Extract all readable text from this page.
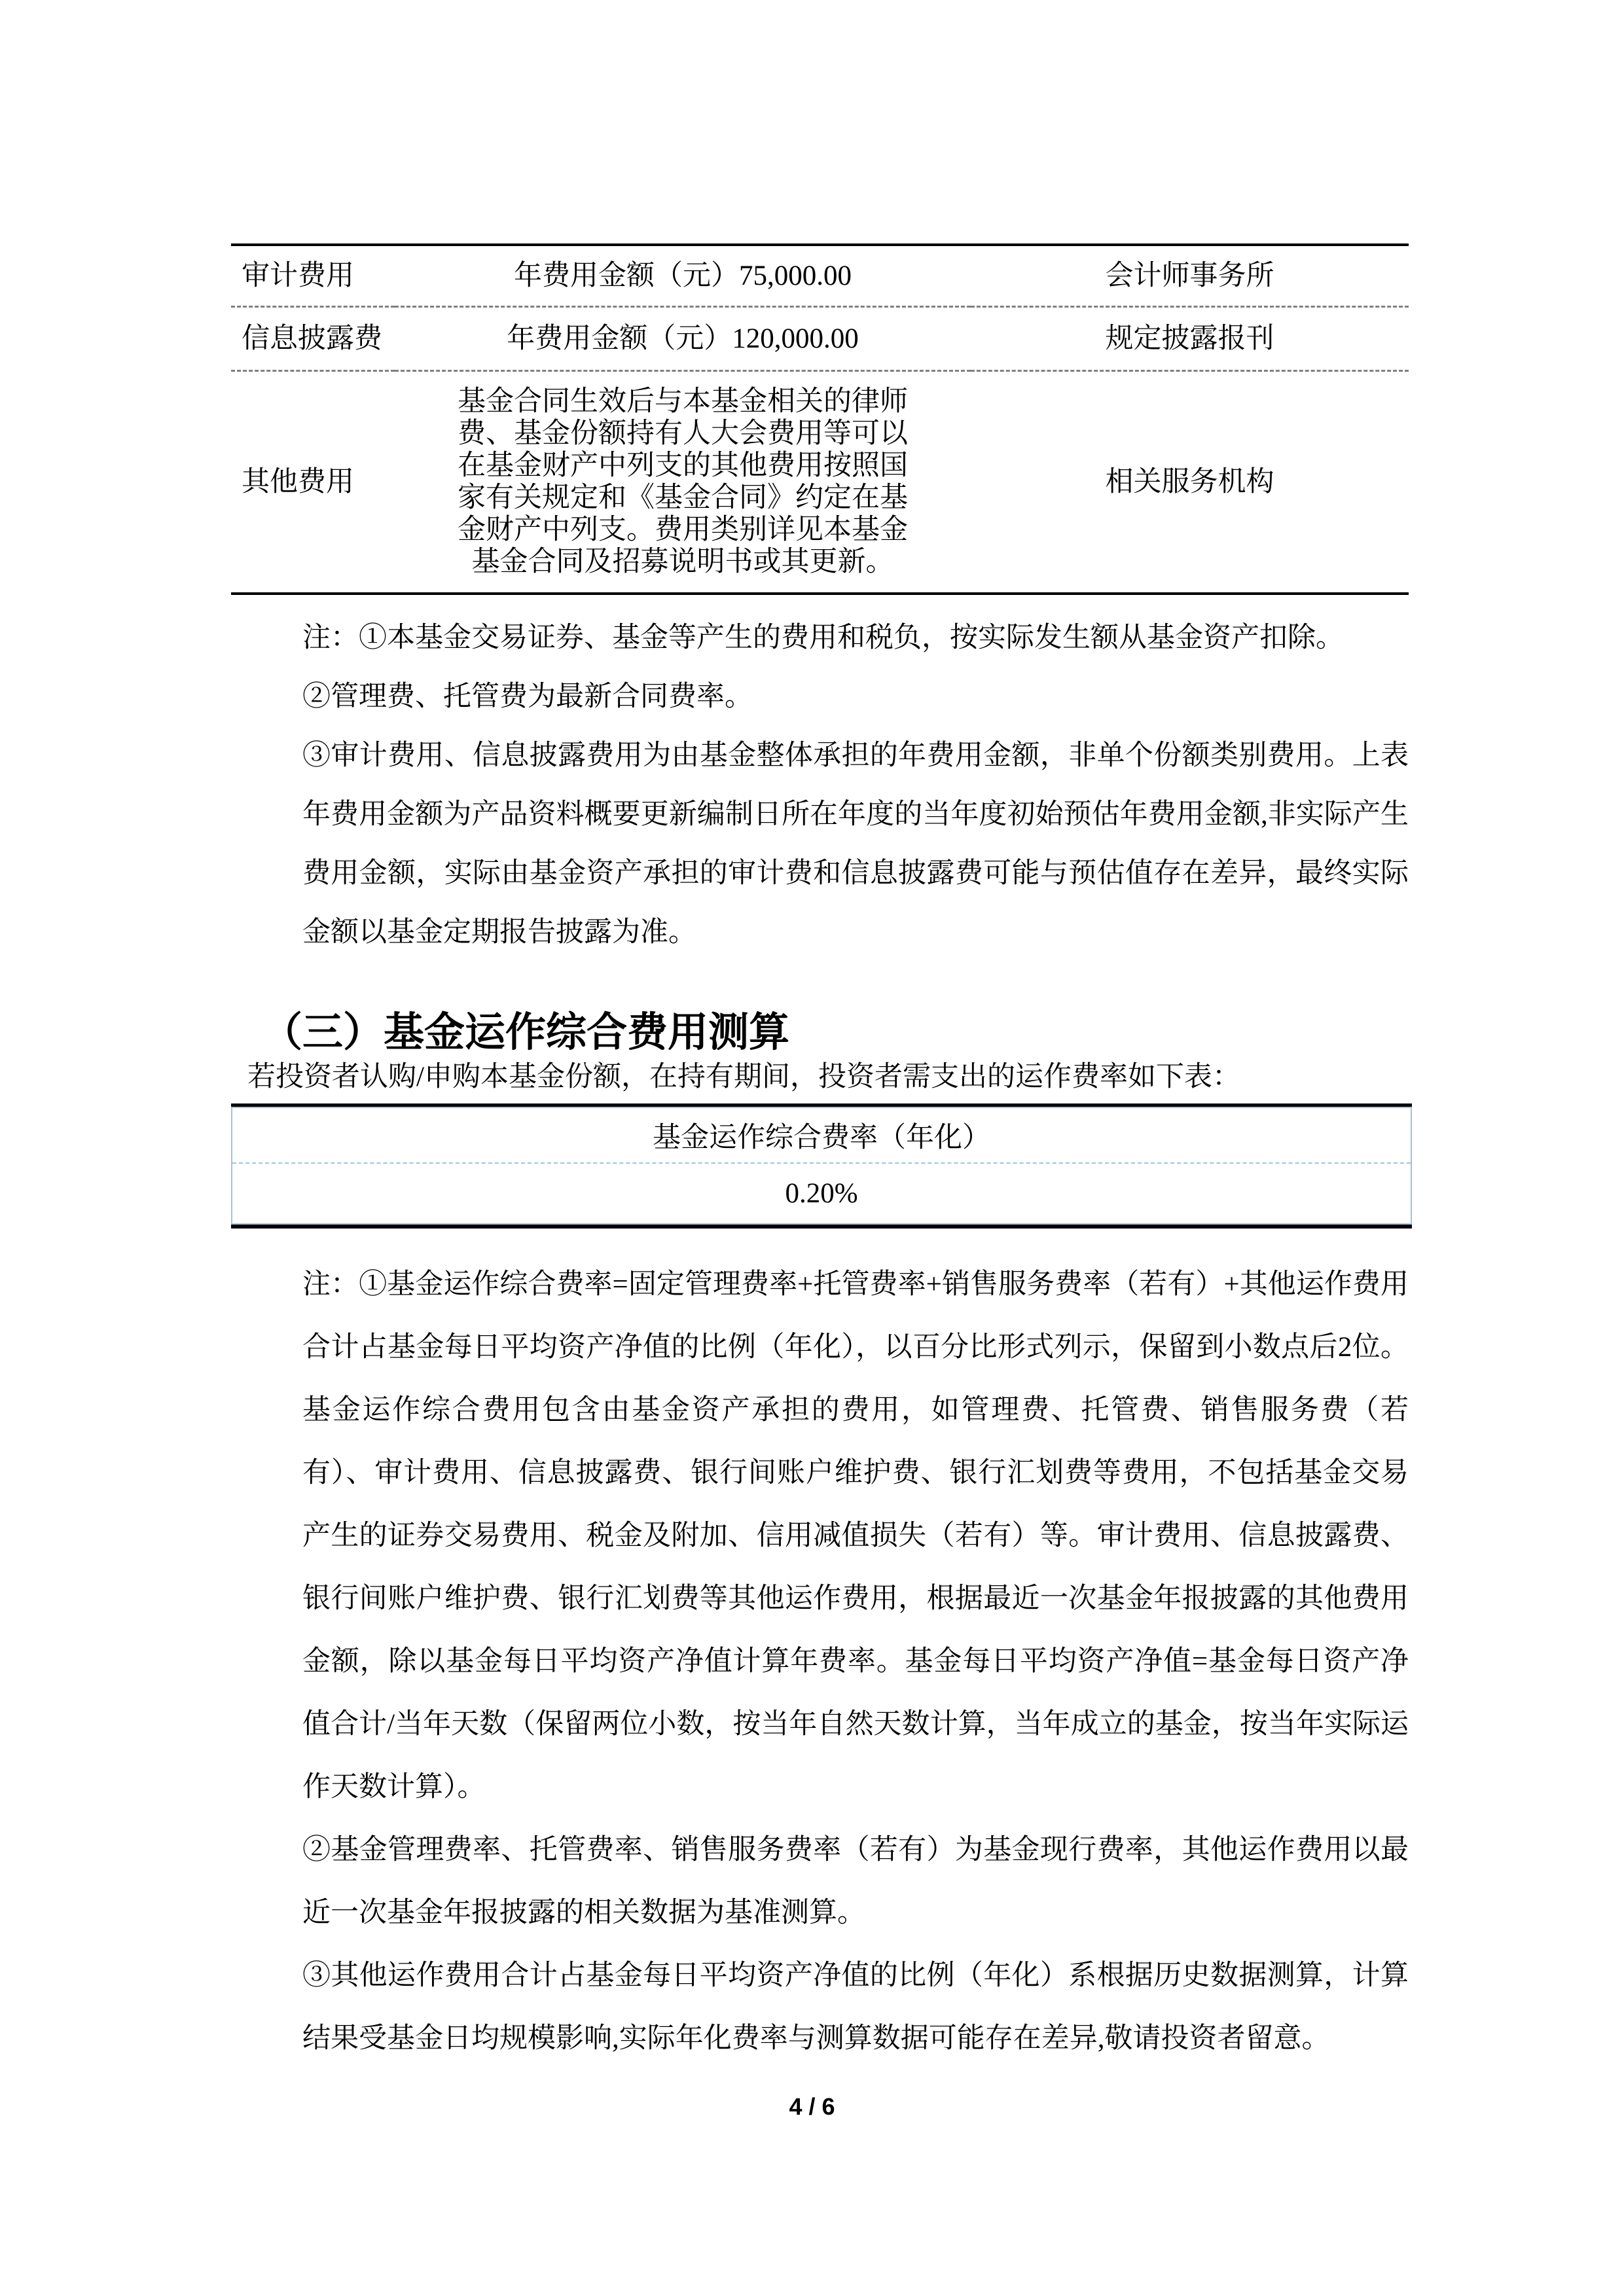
审计费用	年费用金额（元）75,000.00	会计师事务所
信息披露费	年费用金额（元）120,000.00	规定披露报刊
其他费用	基金合同生效后与本基金相关的律师费、基金份额持有人大会费用等可以在基金财产中列支的其他费用按照国家有关规定和《基金合同》约定在基金财产中列支。费用类别详见本基金基金合同及招募说明书或其更新。	相关服务机构

注：①本基金交易证券、基金等产生的费用和税负，按实际发生额从基金资产扣除。

②管理费、托管费为最新合同费率。

③审计费用、信息披露费用为由基金整体承担的年费用金额，非单个份额类别费用。上表年费用金额为产品资料概要更新编制日所在年度的当年度初始预估年费用金额,非实际产生费用金额，实际由基金资产承担的审计费和信息披露费可能与预估值存在差异，最终实际金额以基金定期报告披露为准。

（三）基金运作综合费用测算
若投资者认购/申购本基金份额，在持有期间，投资者需支出的运作费率如下表：
基金运作综合费率（年化）
0.20%

注：①基金运作综合费率=固定管理费率+托管费率+销售服务费率（若有）+其他运作费用合计占基金每日平均资产净值的比例（年化），以百分比形式列示，保留到小数点后2位。基金运作综合费用包含由基金资产承担的费用，如管理费、托管费、销售服务费（若有）、审计费用、信息披露费、银行间账户维护费、银行汇划费等费用，不包括基金交易产生的证券交易费用、税金及附加、信用减值损失（若有）等。审计费用、信息披露费、银行间账户维护费、银行汇划费等其他运作费用，根据最近一次基金年报披露的其他费用金额，除以基金每日平均资产净值计算年费率。基金每日平均资产净值=基金每日资产净值合计/当年天数（保留两位小数，按当年自然天数计算，当年成立的基金，按当年实际运作天数计算）。

②基金管理费率、托管费率、销售服务费率（若有）为基金现行费率，其他运作费用以最近一次基金年报披露的相关数据为基准测算。

③其他运作费用合计占基金每日平均资产净值的比例（年化）系根据历史数据测算，计算结果受基金日均规模影响,实际年化费率与测算数据可能存在差异,敬请投资者留意。

4 / 6
